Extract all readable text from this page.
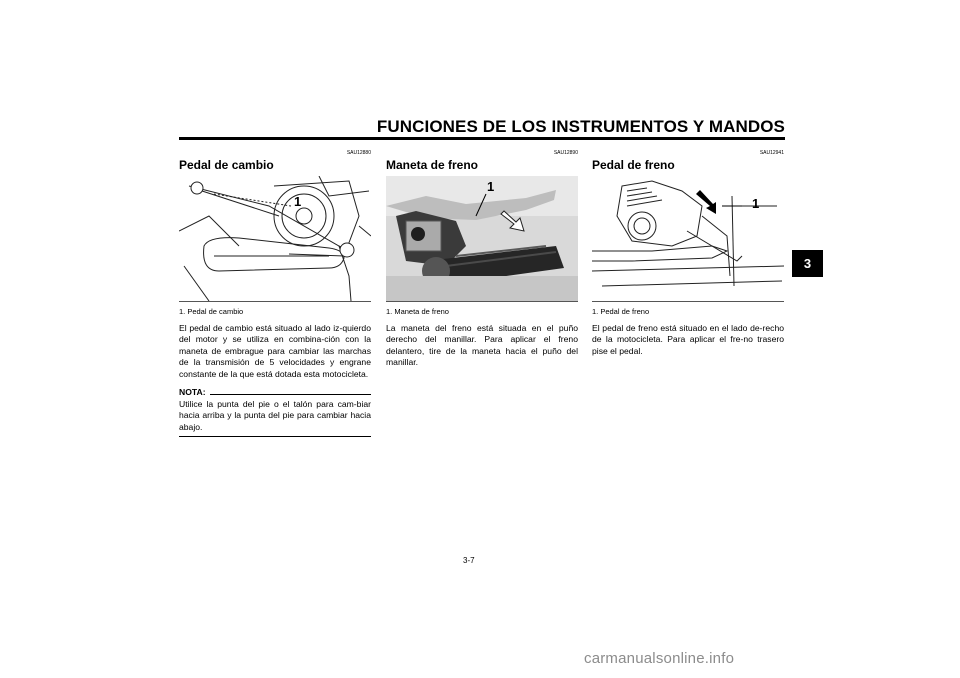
FUNCIONES DE LOS INSTRUMENTOS Y MANDOS
3
SAU12880
Pedal de cambio
1
1. Pedal de cambio
El pedal de cambio está situado al lado iz-quierdo del motor y se utiliza en combina-ción con la maneta de embrague para cambiar las marchas de la transmisión de 5 velocidades y engrane constante de la que está dotada esta motocicleta.
NOTA:
Utilice la punta del pie o el talón para cam-biar hacia arriba y la punta del pie para cambiar hacia abajo.
SAU12890
Maneta de freno
1
1. Maneta de freno
La maneta del freno está situada en el puño derecho del manillar. Para aplicar el freno delantero, tire de la maneta hacia el puño del manillar.
SAU12941
Pedal de freno
1
1. Pedal de freno
El pedal de freno está situado en el lado de-recho de la motocicleta. Para aplicar el fre-no trasero pise el pedal.
3-7
carmanualsonline.info
